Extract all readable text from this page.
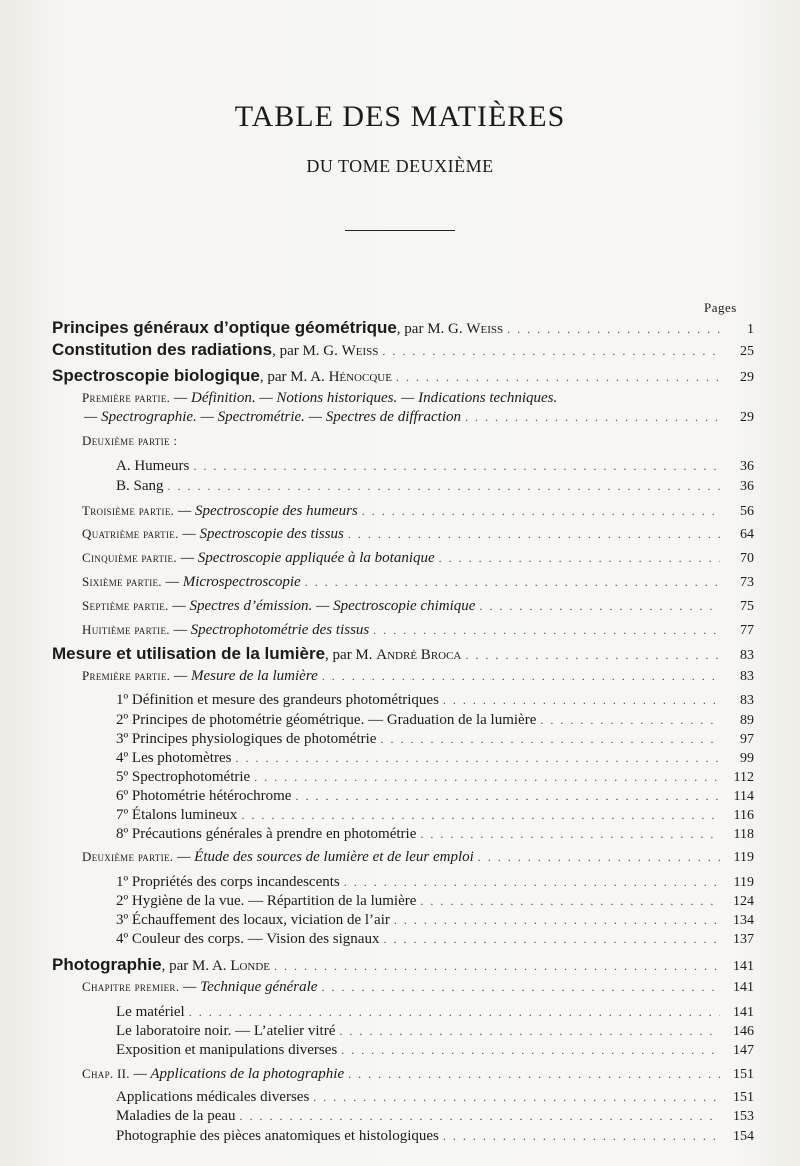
TABLE DES MATIÈRES
DU TOME DEUXIÈME
Pages
Principes généraux d’optique géométrique, par M. G. Weiss . . .	1
Constitution des radiations, par M. G. Weiss . . .	25
Spectroscopie biologique, par M. A. Hénocque . . .	29
Première partie. — Définition. — Notions historiques. — Indications techniques.
— Spectrographie. — Spectrométrie. — Spectres de diffraction . . .	29
Deuxième partie :
A. Humeurs . . .	36
B. Sang . . .	36
Troisième partie. — Spectroscopie des humeurs . . .	56
Quatrième partie. — Spectroscopie des tissus . . .	64
Cinquième partie. — Spectroscopie appliquée à la botanique . . .	70
Sixième partie. — Microspectroscopie . . .	73
Septième partie. — Spectres d’émission. — Spectroscopie chimique . . .	75
Huitième partie. — Spectrophotométrie des tissus . . .	77
Mesure et utilisation de la lumière, par M. André Broca . . .	83
Première partie. — Mesure de la lumière . . .	83
1º Définition et mesure des grandeurs photométriques . . .	83
2º Principes de photométrie géométrique. — Graduation de la lumière . . .	89
3º Principes physiologiques de photométrie . . .	97
4º Les photomètres . . .	99
5º Spectrophotométrie . . .	112
6º Photométrie hétérochrome . . .	114
7º Étalons lumineux . . .	116
8º Précautions générales à prendre en photométrie . . .	118
Deuxième partie. — Étude des sources de lumière et de leur emploi . . .	119
1º Propriétés des corps incandescents . . .	119
2º Hygiène de la vue. — Répartition de la lumière . . .	124
3º Échauffement des locaux, viciation de l’air . . .	134
4º Couleur des corps. — Vision des signaux . . .	137
Photographie, par M. A. Londe . . .	141
Chapitre premier. — Technique générale . . .	141
Le matériel . . .	141
Le laboratoire noir. — L’atelier vitré . . .	146
Exposition et manipulations diverses . . .	147
Chap. II. — Applications de la photographie . . .	151
Applications médicales diverses . . .	151
Maladies de la peau . . .	153
Photographie des pièces anatomiques et histologiques . . .	154
